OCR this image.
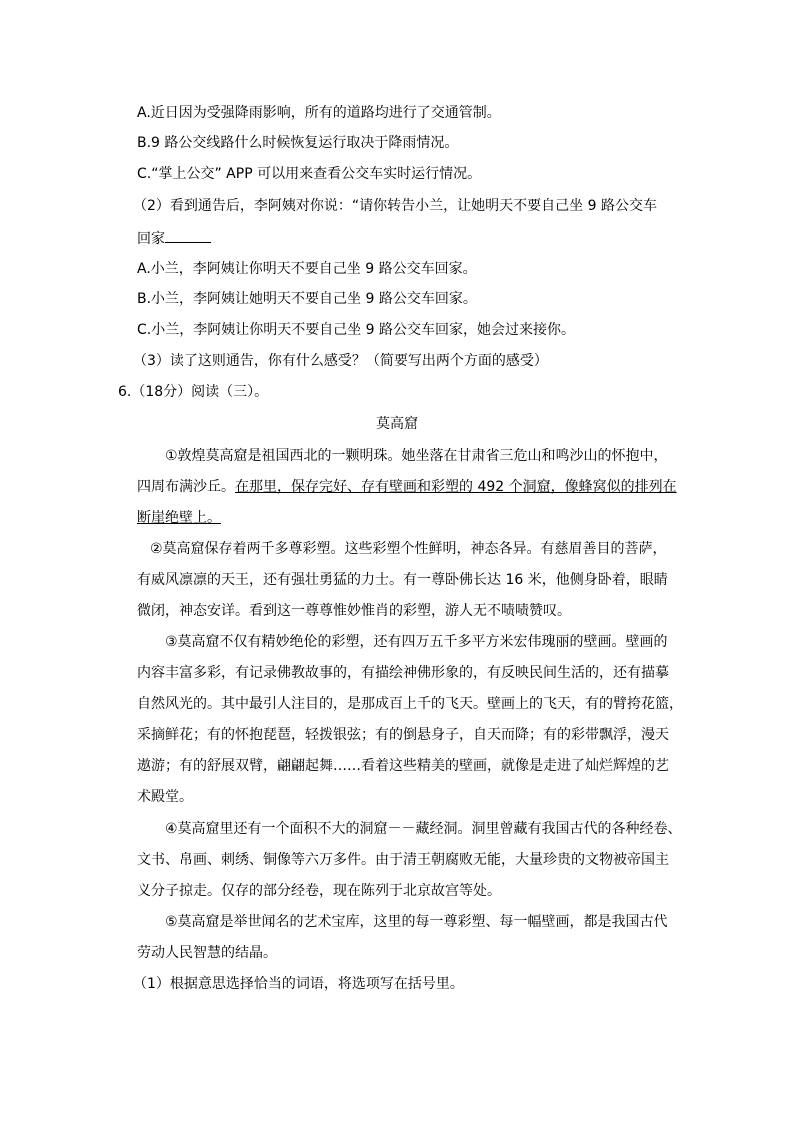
A.近日因为受强降雨影响，所有的道路均进行了交通管制。
B.9 路公交线路什么时候恢复运行取决于降雨情况。
C.“掌上公交” APP 可以用来查看公交车实时运行情况。
（2）看到通告后，李阿姨对你说：“请你转告小兰，让她明天不要自己坐 9 路公交车
回家
A.小兰，李阿姨让你明天不要自己坐 9 路公交车回家。
B.小兰，李阿姨让她明天不要自己坐 9 路公交车回家。
C.小兰，李阿姨让你明天不要自己坐 9 路公交车回家，她会过来接你。
（3）读了这则通告，你有什么感受？（简要写出两个方面的感受）
6.（18分）阅读（三）。
莫高窟
①敦煌莫高窟是祖国西北的一颗明珠。她坐落在甘肃省三危山和鸣沙山的怀抱中，
四周布满沙丘。在那里，保存完好、存有壁画和彩塑的 492 个洞窟，像蜂窝似的排列在
断崖绝壁上。
②莫高窟保存着两千多尊彩塑。这些彩塑个性鲜明，神态各异。有慈眉善目的菩萨，
有威风凛凛的天王，还有强壮勇猛的力士。有一尊卧佛长达 16 米，他侧身卧着，眼睛
微闭，神态安详。看到这一尊尊惟妙惟肖的彩塑，游人无不啧啧赞叹。
③莫高窟不仅有精妙绝伦的彩塑，还有四万五千多平方米宏伟瑰丽的壁画。壁画的
内容丰富多彩，有记录佛教故事的，有描绘神佛形象的，有反映民间生活的，还有描摹
自然风光的。其中最引人注目的，是那成百上千的飞天。壁画上的飞天，有的臂挎花篮，
采摘鲜花；有的怀抱琵琶，轻拨银弦；有的倒悬身子，自天而降；有的彩带飘浮，漫天
遨游；有的舒展双臂，翩翩起舞……看着这些精美的壁画，就像是走进了灿烂辉煌的艺
术殿堂。
④莫高窟里还有一个面积不大的洞窟－－藏经洞。洞里曾藏有我国古代的各种经卷、
文书、帛画、刺绣、铜像等六万多件。由于清王朝腐败无能，大量珍贵的文物被帝国主
义分子掠走。仅存的部分经卷，现在陈列于北京故宫等处。
⑤莫高窟是举世闻名的艺术宝库，这里的每一尊彩塑、每一幅壁画，都是我国古代
劳动人民智慧的结晶。
（1）根据意思选择恰当的词语，将选项写在括号里。
